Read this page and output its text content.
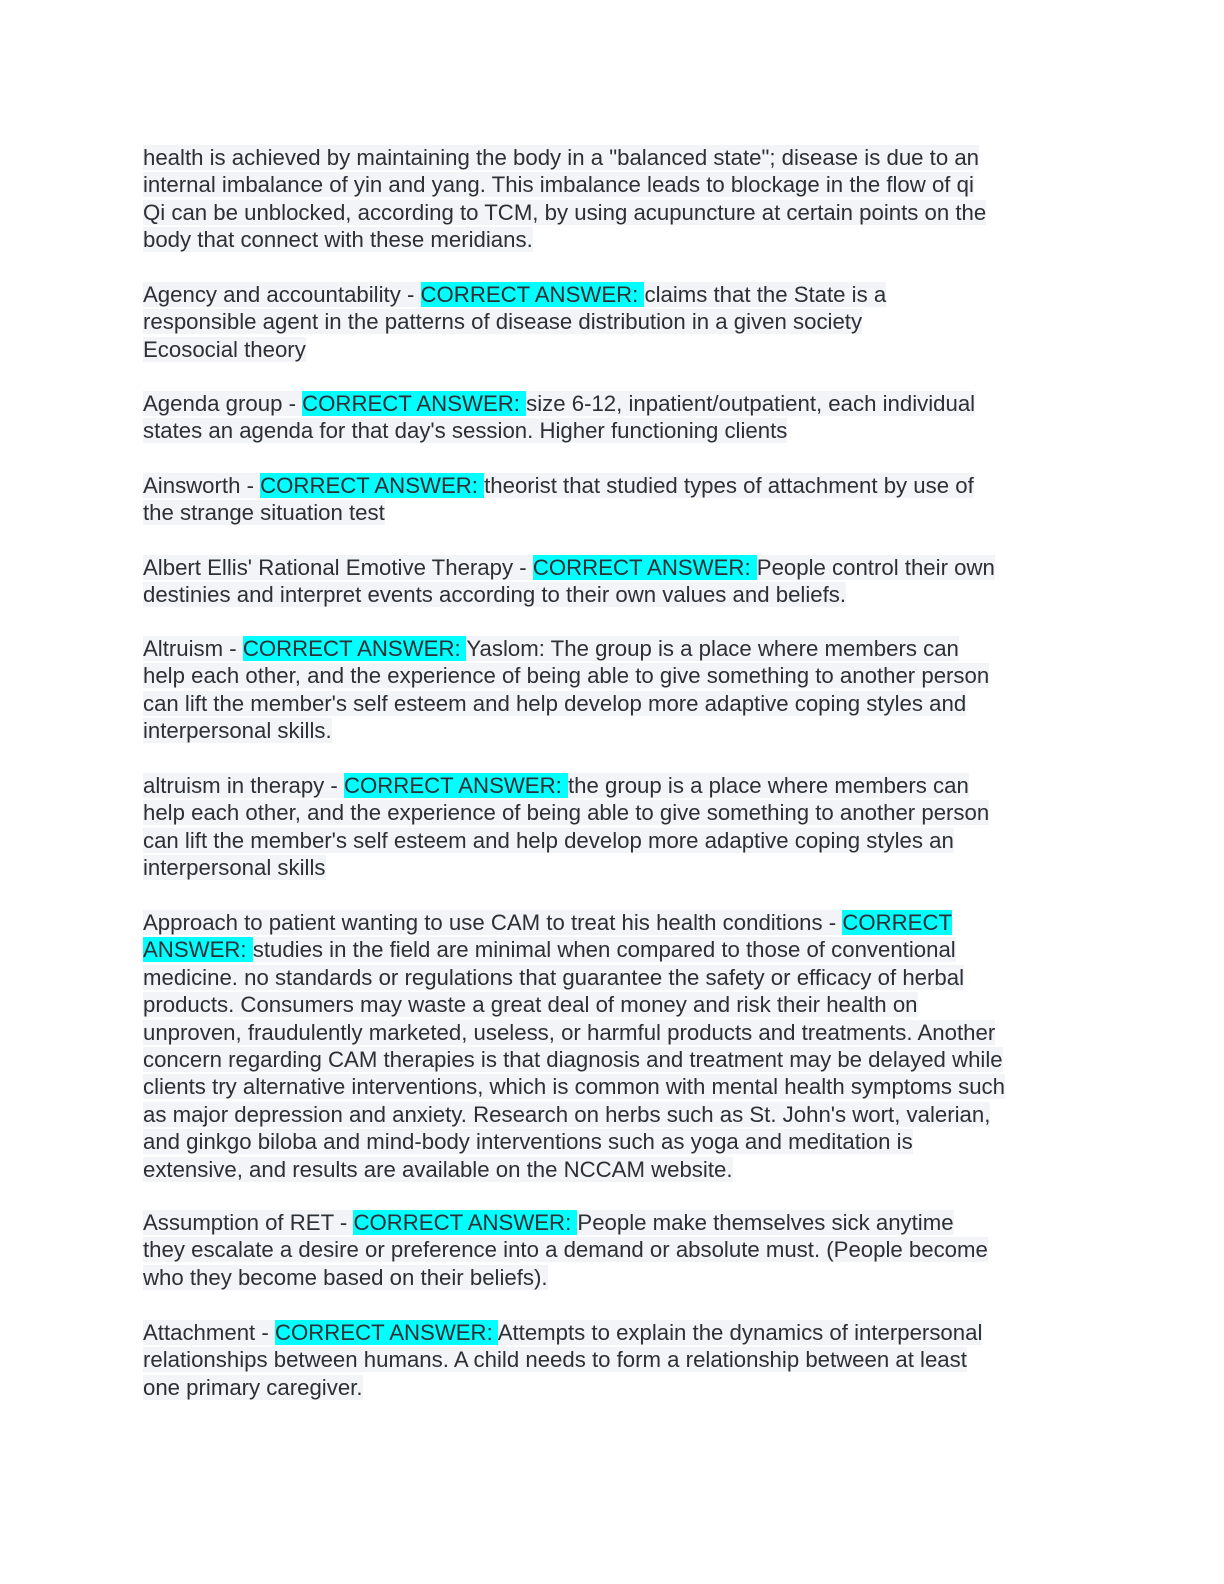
health is achieved by maintaining the body in a "balanced state"; disease is due to an
internal imbalance of yin and yang. This imbalance leads to blockage in the flow of qi
Qi can be unblocked, according to TCM, by using acupuncture at certain points on the
body that connect with these meridians.
Agency and accountability - CORRECT ANSWER: claims that the State is a
responsible agent in the patterns of disease distribution in a given society
Ecosocial theory
Agenda group - CORRECT ANSWER: size 6-12, inpatient/outpatient, each individual
states an agenda for that day's session. Higher functioning clients
Ainsworth - CORRECT ANSWER: theorist that studied types of attachment by use of
the strange situation test
Albert Ellis' Rational Emotive Therapy - CORRECT ANSWER: People control their own
destinies and interpret events according to their own values and beliefs.
Altruism - CORRECT ANSWER: Yaslom: The group is a place where members can
help each other, and the experience of being able to give something to another person
can lift the member's self esteem and help develop more adaptive coping styles and
interpersonal skills.
altruism in therapy - CORRECT ANSWER: the group is a place where members can
help each other, and the experience of being able to give something to another person
can lift the member's self esteem and help develop more adaptive coping styles an
interpersonal skills
Approach to patient wanting to use CAM to treat his health conditions - CORRECT
ANSWER: studies in the field are minimal when compared to those of conventional
medicine. no standards or regulations that guarantee the safety or efficacy of herbal
products. Consumers may waste a great deal of money and risk their health on
unproven, fraudulently marketed, useless, or harmful products and treatments. Another
concern regarding CAM therapies is that diagnosis and treatment may be delayed while
clients try alternative interventions, which is common with mental health symptoms such
as major depression and anxiety. Research on herbs such as St. John's wort, valerian,
and ginkgo biloba and mind-body interventions such as yoga and meditation is
extensive, and results are available on the NCCAM website.
Assumption of RET - CORRECT ANSWER: People make themselves sick anytime
they escalate a desire or preference into a demand or absolute must. (People become
who they become based on their beliefs).
Attachment - CORRECT ANSWER: Attempts to explain the dynamics of interpersonal
relationships between humans. A child needs to form a relationship between at least
one primary caregiver.
